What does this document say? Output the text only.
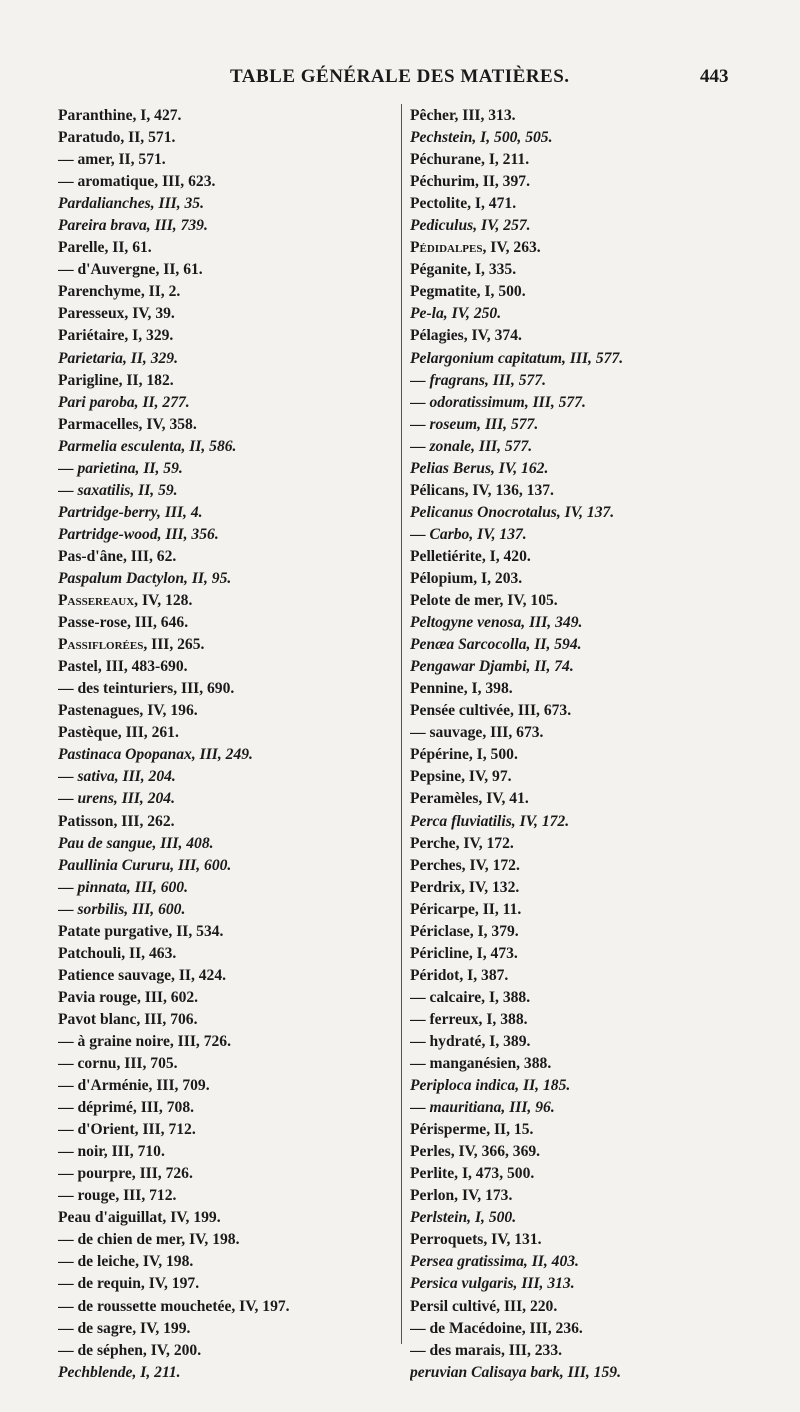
TABLE GÉNÉRALE DES MATIÈRES.	443
Paranthine, I, 427.
Paratudo, II, 571.
— amer, II, 571.
— aromatique, III, 623.
Pardalianches, III, 35.
Pareira brava, III, 739.
Parelle, II, 61.
— d'Auvergne, II, 61.
Parenchyme, II, 2.
Paresseux, IV, 39.
Pariétaire, I, 329.
Parietaria, II, 329.
Parigline, II, 182.
Pari paroba, II, 277.
Parmacelles, IV, 358.
Parmelia esculenta, II, 586.
— parietina, II, 59.
— saxatilis, II, 59.
Partridge-berry, III, 4.
Partridge-wood, III, 356.
Pas-d'âne, III, 62.
Paspalum Dactylon, II, 95.
Passereaux, IV, 128.
Passe-rose, III, 646.
Passiflorées, III, 265.
Pastel, III, 483-690.
— des teinturiers, III, 690.
Pastenagues, IV, 196.
Pastèque, III, 261.
Pastinaca Opopanax, III, 249.
— sativa, III, 204.
— urens, III, 204.
Patisson, III, 262.
Pau de sangue, III, 408.
Paullinia Cururu, III, 600.
— pinnata, III, 600.
— sorbilis, III, 600.
Patate purgative, II, 534.
Patchouli, II, 463.
Patience sauvage, II, 424.
Pavia rouge, III, 602.
Pavot blanc, III, 706.
— à graine noire, III, 726.
— cornu, III, 705.
— d'Arménie, III, 709.
— déprimé, III, 708.
— d'Orient, III, 712.
— noir, III, 710.
— pourpre, III, 726.
— rouge, III, 712.
Peau d'aiguillat, IV, 199.
— de chien de mer, IV, 198.
— de leiche, IV, 198.
— de requin, IV, 197.
— de roussette mouchetée, IV, 197.
— de sagre, IV, 199.
— de séphen, IV, 200.
Pechblende, I, 211.
Pêcher, III, 313.
Pechstein, I, 500, 505.
Péchurane, I, 211.
Péchurim, II, 397.
Pectolite, I, 471.
Pediculus, IV, 257.
Pédidalpes, IV, 263.
Péganite, I, 335.
Pegmatite, I, 500.
Pe-la, IV, 250.
Pélagies, IV, 374.
Pelargonium capitatum, III, 577.
— fragrans, III, 577.
— odoratissimum, III, 577.
— roseum, III, 577.
— zonale, III, 577.
Pelias Berus, IV, 162.
Pélicans, IV, 136, 137.
Pelicanus Onocrotalus, IV, 137.
— Carbo, IV, 137.
Pelletiérite, I, 420.
Pélopium, I, 203.
Pelote de mer, IV, 105.
Peltogyne venosa, III, 349.
Penæa Sarcocolla, II, 594.
Pengawar Djambi, II, 74.
Pennine, I, 398.
Pensée cultivée, III, 673.
— sauvage, III, 673.
Pépérine, I, 500.
Pepsine, IV, 97.
Peramèles, IV, 41.
Perca fluviatilis, IV, 172.
Perche, IV, 172.
Perches, IV, 172.
Perdrix, IV, 132.
Péricarpe, II, 11.
Périclase, I, 379.
Péricline, I, 473.
Péridot, I, 387.
— calcaire, I, 388.
— ferreux, I, 388.
— hydraté, I, 389.
— manganésien, 388.
Periploca indica, II, 185.
— mauritiana, III, 96.
Périsperme, II, 15.
Perles, IV, 366, 369.
Perlite, I, 473, 500.
Perlon, IV, 173.
Perlstein, I, 500.
Perroquets, IV, 131.
Persea gratissima, II, 403.
Persica vulgaris, III, 313.
Persil cultivé, III, 220.
— de Macédoine, III, 236.
— des marais, III, 233.
peruvian Calisaya bark, III, 159.
